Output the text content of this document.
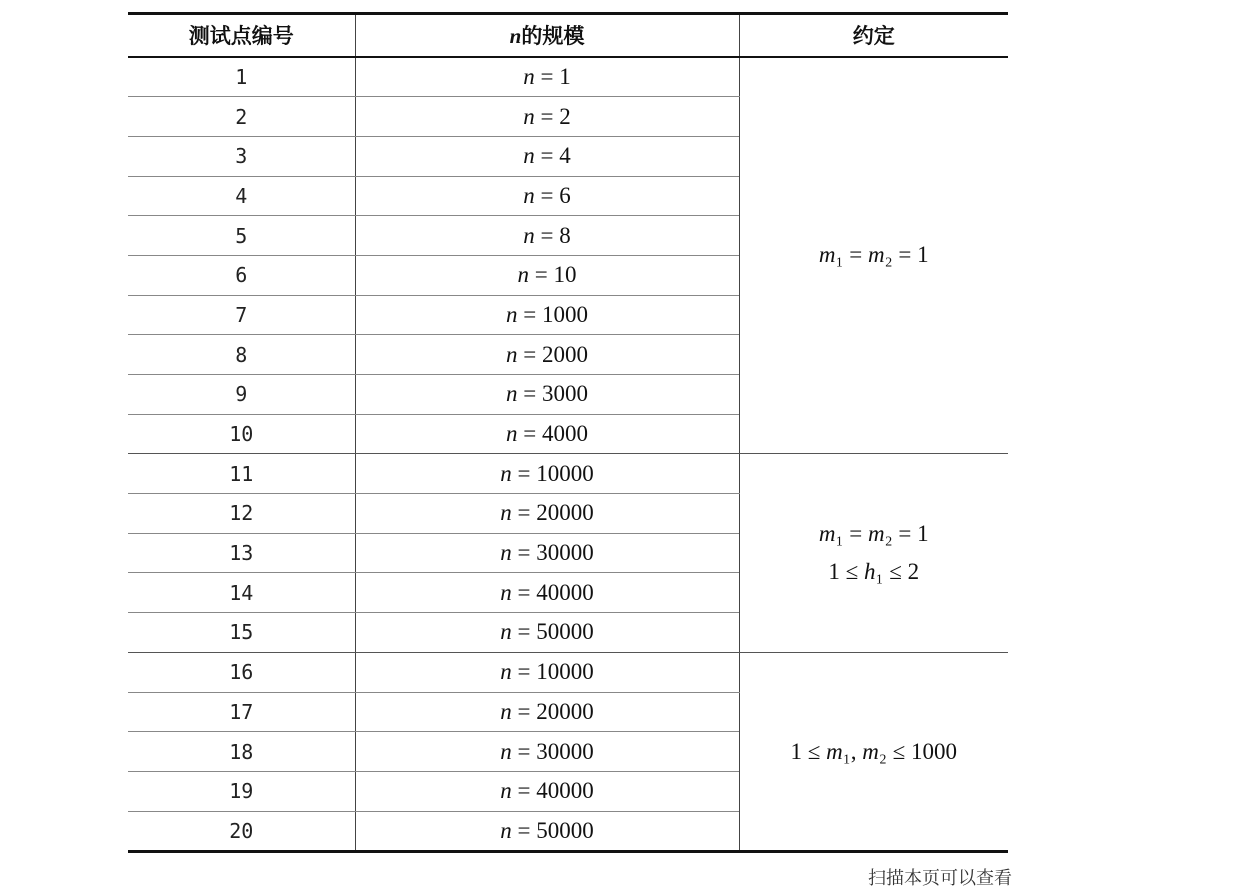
测试点编号	n的规模	约定
1	n = 1	m₁ = m₂ = 1

2	n = 2	
3	n = 4	
4	n = 6	
5	n = 8	
6	n = 10	
7	n = 1000	
8	n = 2000	
9	n = 3000	
10	n = 4000	
11	n = 10000	m₁ = m₂ = 1
1 ≤ h₁ ≤ 2

12	n = 20000	
13	n = 30000	
14	n = 40000	
15	n = 50000	
16	n = 10000	1 ≤ m₁, m₂ ≤ 1000

17	n = 20000	
18	n = 30000	
19	n = 40000	
20	n = 50000	
扫描本页可以查看
